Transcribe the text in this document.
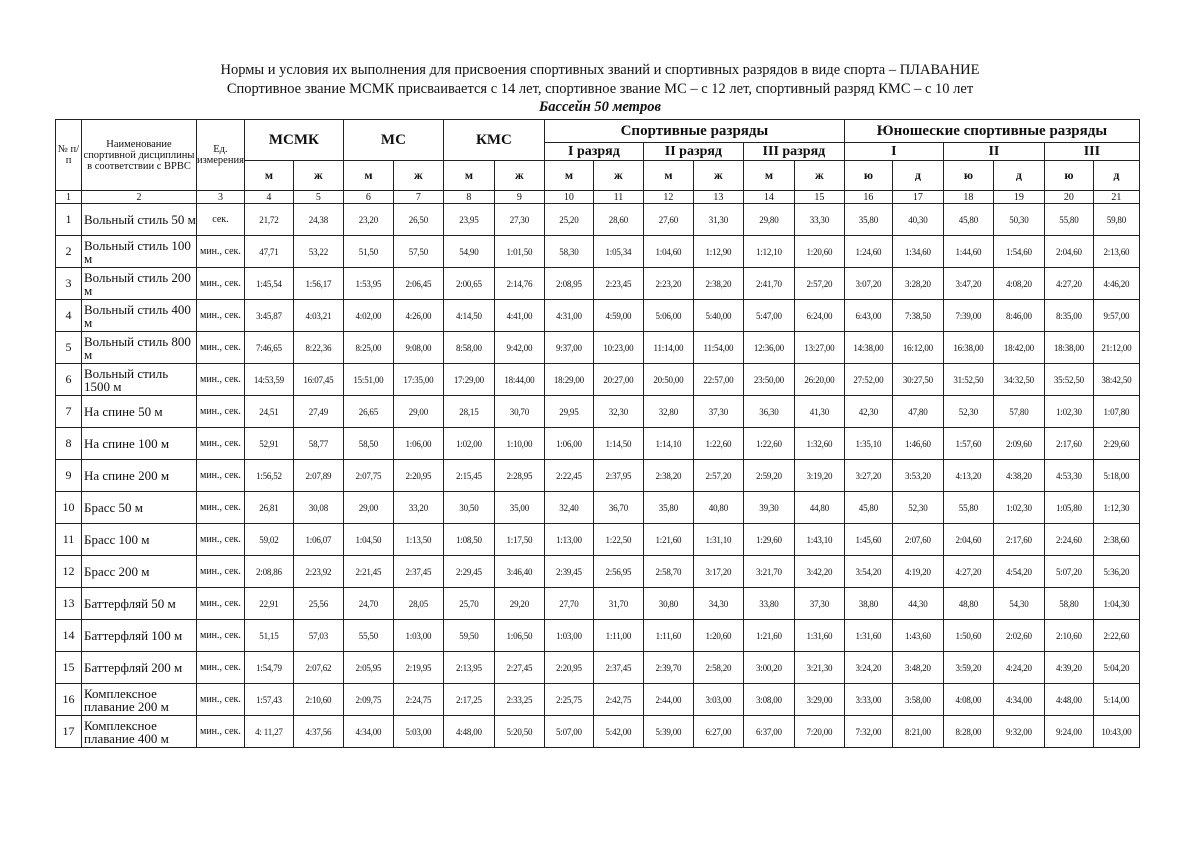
Нормы и условия их выполнения для присвоения спортивных званий и спортивных разрядов в виде спорта – ПЛАВАНИЕ
Спортивное звание МСМК присваивается с 14 лет, спортивное звание МС – с 12 лет, спортивный разряд КМС – с 10 лет
Бассейн 50 метров
№ п/п	Наименование спортивной дисциплины в соответствии с ВРВС	Ед. измерения	МСМК		МС		КМС		Спортивные разряды						Юношеские спортивные разряды					
									I разряд		II разряд		III разряд		I		II		III	
			м	ж	м	ж	м	ж	м	ж	м	ж	м	ж	ю	д	ю	д	ю	д
1	2	3	4	5	6	7	8	9	10	11	12	13	14	15	16	17	18	19	20	21
1	Вольный стиль 50 м	сек.	21,72	24,38	23,20	26,50	23,95	27,30	25,20	28,60	27,60	31,30	29,80	33,30	35,80	40,30	45,80	50,30	55,80	59,80
2	Вольный стиль 100 м	мин., сек.	47,71	53,22	51,50	57,50	54,90	1:01,50	58,30	1:05,34	1:04,60	1:12,90	1:12,10	1:20,60	1:24,60	1:34,60	1:44,60	1:54,60	2:04,60	2:13,60
3	Вольный стиль 200 м	мин., сек.	1:45,54	1:56,17	1:53,95	2:06,45	2:00,65	2:14,76	2:08,95	2:23,45	2:23,20	2:38,20	2:41,70	2:57,20	3:07,20	3:28,20	3:47,20	4:08,20	4:27,20	4:46,20
4	Вольный стиль 400 м	мин., сек.	3:45,87	4:03,21	4:02,00	4:26,00	4:14,50	4:41,00	4:31,00	4:59,00	5:06,00	5:40,00	5:47,00	6:24,00	6:43,00	7:38,50	7:39,00	8:46,00	8:35,00	9:57,00
5	Вольный стиль 800 м	мин., сек.	7:46,65	8:22,36	8:25,00	9:08,00	8:58,00	9:42,00	9:37,00	10:23,00	11:14,00	11:54,00	12:36,00	13:27,00	14:38,00	16:12,00	16:38,00	18:42,00	18:38,00	21:12,00
6	Вольный стиль 1500 м	мин., сек.	14:53,59	16:07,45	15:51,00	17:35,00	17:29,00	18:44,00	18:29,00	20:27,00	20:50,00	22:57,00	23:50,00	26:20,00	27:52,00	30:27,50	31:52,50	34:32,50	35:52,50	38:42,50
7	На спине 50 м	мин., сек.	24,51	27,49	26,65	29,00	28,15	30,70	29,95	32,30	32,80	37,30	36,30	41,30	42,30	47,80	52,30	57,80	1:02,30	1:07,80
8	На спине 100 м	мин., сек.	52,91	58,77	58,50	1:06,00	1:02,00	1:10,00	1:06,00	1:14,50	1:14,10	1:22,60	1:22,60	1:32,60	1:35,10	1:46,60	1:57,60	2:09,60	2:17,60	2:29,60
9	На спине 200 м	мин., сек.	1:56,52	2:07,89	2:07,75	2:20,95	2:15,45	2:28,95	2:22,45	2:37,95	2:38,20	2:57,20	2:59,20	3:19,20	3:27,20	3:53,20	4:13,20	4:38,20	4:53,30	5:18,00
10	Брасс 50 м	мин., сек.	26,81	30,08	29,00	33,20	30,50	35,00	32,40	36,70	35,80	40,80	39,30	44,80	45,80	52,30	55,80	1:02,30	1:05,80	1:12,30
11	Брасс 100 м	мин., сек.	59,02	1:06,07	1:04,50	1:13,50	1:08,50	1:17,50	1:13,00	1:22,50	1:21,60	1:31,10	1:29,60	1:43,10	1:45,60	2:07,60	2:04,60	2:17,60	2:24,60	2:38,60
12	Брасс 200 м	мин., сек.	2:08,86	2:23,92	2:21,45	2:37,45	2:29,45	3:46,40	2:39,45	2:56,95	2:58,70	3:17,20	3:21,70	3:42,20	3:54,20	4:19,20	4:27,20	4:54,20	5:07,20	5:36,20
13	Баттерфляй 50 м	мин., сек.	22,91	25,56	24,70	28,05	25,70	29,20	27,70	31,70	30,80	34,30	33,80	37,30	38,80	44,30	48,80	54,30	58,80	1:04,30
14	Баттерфляй 100 м	мин., сек.	51,15	57,03	55,50	1:03,00	59,50	1:06,50	1:03,00	1:11,00	1:11,60	1:20,60	1:21,60	1:31,60	1:31,60	1:43,60	1:50,60	2:02,60	2:10,60	2:22,60
15	Баттерфляй 200 м	мин., сек.	1:54,79	2:07,62	2:05,95	2:19,95	2:13,95	2:27,45	2:20,95	2:37,45	2:39,70	2:58,20	3:00,20	3:21,30	3:24,20	3:48,20	3:59,20	4:24,20	4:39,20	5:04,20
16	Комплексное плавание 200 м	мин., сек.	1:57,43	2:10,60	2:09,75	2:24,75	2:17,25	2:33,25	2:25,75	2:42,75	2:44,00	3:03,00	3:08,00	3:29,00	3:33,00	3:58,00	4:08,00	4:34,00	4:48,00	5:14,00
17	Комплексное плавание 400 м	мин., сек.	4: 11,27	4:37,56	4:34,00	5:03,00	4:48,00	5:20,50	5:07,00	5:42,00	5:39,00	6:27,00	6:37,00	7:20,00	7:32,00	8:21,00	8:28,00	9:32,00	9:24,00	10:43,00
